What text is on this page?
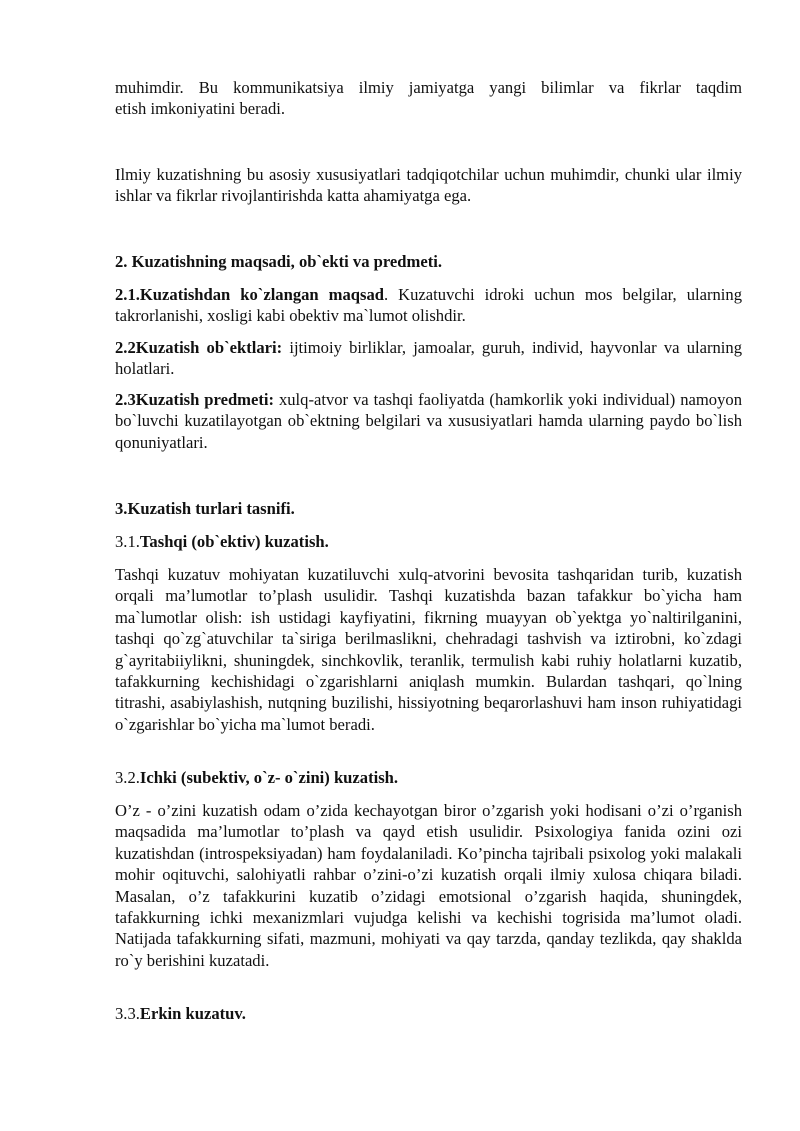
muhimdir. Bu kommunikatsiya ilmiy jamiyatga yangi bilimlar va fikrlar taqdim
etish imkoniyatini beradi.

Ilmiy kuzatishning bu asosiy xususiyatlari tadqiqotchilar uchun muhimdir, chunki ular ilmiy ishlar va fikrlar rivojlantirishda katta ahamiyatga ega.

2. Kuzatishning maqsadi, ob`ekti va predmeti.

2.1.Kuzatishdan ko`zlangan maqsad. Kuzatuvchi idroki uchun mos belgilar, ularning takrorlanishi, xosligi kabi obektiv ma`lumot olishdir.

2.2Kuzatish ob`ektlari: ijtimoiy birliklar, jamoalar, guruh, individ, hayvonlar va ularning holatlari.

2.3Kuzatish predmeti: xulq-atvor va tashqi faoliyatda (hamkorlik yoki individual) namoyon bo`luvchi kuzatilayotgan ob`ektning belgilari va xususiyatlari hamda ularning paydo bo`lish qonuniyatlari.

3.Kuzatish turlari tasnifi.

3.1.Tashqi (ob`ektiv) kuzatish.

Tashqi kuzatuv mohiyatan kuzatiluvchi xulq-atvorini bevosita tashqaridan turib, kuzatish orqali ma’lumotlar to’plash usulidir. Tashqi kuzatishda bazan tafakkur bo`yicha ham ma`lumotlar olish: ish ustidagi kayfiyatini, fikrning muayyan ob`yektga yo`naltirilganini, tashqi qo`zg`atuvchilar ta`siriga berilmaslikni, chehradagi tashvish va iztirobni, ko`zdagi g`ayritabiiylikni, shuningdek, sinchkovlik, teranlik, termulish kabi ruhiy holatlarni kuzatib, tafakkurning kechishidagi o`zgarishlarni aniqlash mumkin. Bulardan tashqari, qo`lning titrashi, asabiylashish, nutqning buzilishi, hissiyotning beqarorlashuvi ham inson ruhiyatidagi o`zgarishlar bo`yicha ma`lumot beradi.

3.2.Ichki (subektiv, o`z- o`zini) kuzatish.

O’z - o’zini kuzatish odam o’zida kechayotgan biror o’zgarish yoki hodisani o’zi o’rganish maqsadida ma’lumotlar to’plash va qayd etish usulidir. Psixologiya fanida ozini ozi kuzatishdan (introspeksiyadan) ham foydalaniladi. Ko’pincha tajribali psixolog yoki malakali mohir oqituvchi, salohiyatli rahbar o’zini-o’zi kuzatish orqali ilmiy xulosa chiqara biladi. Masalan, o’z tafakkurini kuzatib o’zidagi emotsional o’zgarish haqida, shuningdek, tafakkurning ichki mexanizmlari vujudga kelishi va kechishi togrisida ma’lumot oladi. Natijada tafakkurning sifati, mazmuni, mohiyati va qay tarzda, qanday tezlikda, qay shaklda ro`y berishini kuzatadi.

3.3.Erkin kuzatuv.
